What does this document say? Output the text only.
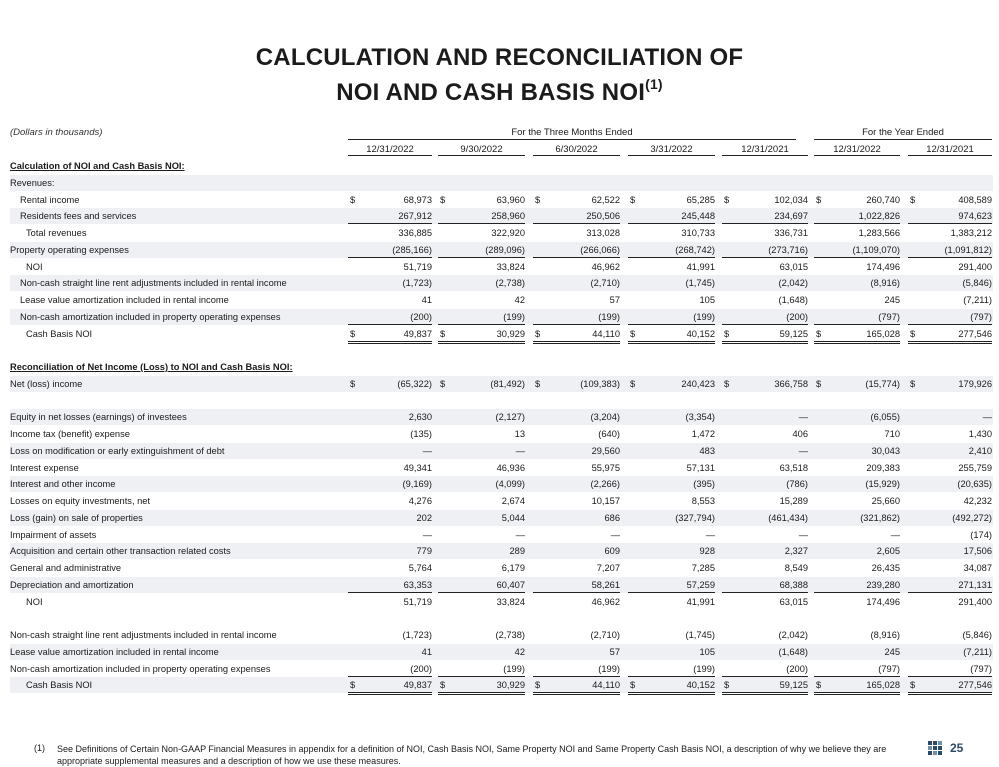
CALCULATION AND RECONCILIATION OF
NOI AND CASH BASIS NOI$^{(1)}$
(Dollars in thousands)	For the Three Months Ended	For the Year Ended
12/31/2022	9/30/2022	6/30/2022	3/31/2022	12/31/2021	12/31/2022	12/31/2021
Calculation of NOI and Cash Basis NOI:
Revenues:
Rental income	$	68,973 $	63,960 $	62,522 $	65,285 $	102,034 $	260,740 $	408,589
Residents fees and services	267,912	258,960	250,506	245,448	234,697	1,022,826	974,623
Total revenues	336,885	322,920	313,028	310,733	336,731	1,283,566	1,383,212
Property operating expenses	(285,166)	(289,096)	(266,066)	(268,742)	(273,716)	(1,109,070)	(1,091,812)
NOI	51,719	33,824	46,962	41,991	63,015	174,496	291,400
Non-cash straight line rent adjustments included in rental income	(1,723)	(2,738)	(2,710)	(1,745)	(2,042)	(8,916)	(5,846)
Lease value amortization included in rental income	41	42	57	105	(1,648)	245	(7,211)
Non-cash amortization included in property operating expenses	(200)	(199)	(199)	(199)	(200)	(797)	(797)
Cash Basis NOI	$	49,837 $	30,929 $	44,110 $	40,152 $	59,125 $	165,028 $	277,546
Reconciliation of Net Income (Loss) to NOI and Cash Basis NOI:
Net (loss) income	$	(65,322) $	(81,492) $	(109,383) $	240,423 $	366,758 $	(15,774) $	179,926
Equity in net losses (earnings) of investees	2,630	(2,127)	(3,204)	(3,354)	—	(6,055)	—
Income tax (benefit) expense	(135)	13	(640)	1,472	406	710	1,430
Loss on modification or early extinguishment of debt	—	—	29,560	483	—	30,043	2,410
Interest expense	49,341	46,936	55,975	57,131	63,518	209,383	255,759
Interest and other income	(9,169)	(4,099)	(2,266)	(395)	(786)	(15,929)	(20,635)
Losses on equity investments, net	4,276	2,674	10,157	8,553	15,289	25,660	42,232
Loss (gain) on sale of properties	202	5,044	686	(327,794)	(461,434)	(321,862)	(492,272)
Impairment of assets	—	—	—	—	—	—	(174)
Acquisition and certain other transaction related costs	779	289	609	928	2,327	2,605	17,506
General and administrative	5,764	6,179	7,207	7,285	8,549	26,435	34,087
Depreciation and amortization	63,353	60,407	58,261	57,259	68,388	239,280	271,131
NOI	51,719	33,824	46,962	41,991	63,015	174,496	291,400
Non-cash straight line rent adjustments included in rental income	(1,723)	(2,738)	(2,710)	(1,745)	(2,042)	(8,916)	(5,846)
Lease value amortization included in rental income	41	42	57	105	(1,648)	245	(7,211)
Non-cash amortization included in property operating expenses	(200)	(199)	(199)	(199)	(200)	(797)	(797)
Cash Basis NOI	$	49,837 $	30,929 $	44,110 $	40,152 $	59,125 $	165,028 $	277,546
(1) See Definitions of Certain Non-GAAP Financial Measures in appendix for a definition of NOI, Cash Basis NOI, Same Property NOI and Same Property Cash Basis NOI, a description of why we believe they are appropriate supplemental measures and a description of how we use these measures.
25
